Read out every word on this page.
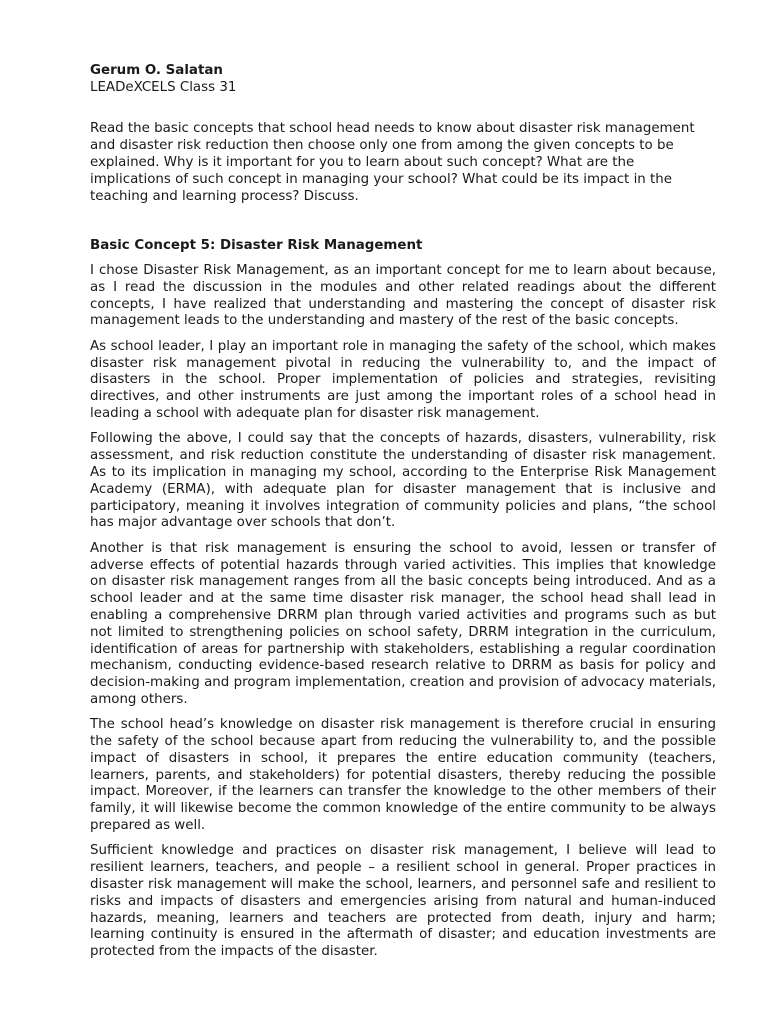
Gerum O. Salatan

LEADeXCELS Class 31

Read the basic concepts that school head needs to know about disaster risk management and disaster risk reduction then choose only one from among the given concepts to be explained. Why is it important for you to learn about such concept? What are the implications of such concept in managing your school? What could be its impact in the teaching and learning process? Discuss.

Basic Concept 5: Disaster Risk Management

I chose Disaster Risk Management, as an important concept for me to learn about because, as I read the discussion in the modules and other related readings about the different concepts, I have realized that understanding and mastering the concept of disaster risk management leads to the understanding and mastery of the rest of the basic concepts.

As school leader, I play an important role in managing the safety of the school, which makes disaster risk management pivotal in reducing the vulnerability to, and the impact of disasters in the school. Proper implementation of policies and strategies, revisiting directives, and other instruments are just among the important roles of a school head in leading a school with adequate plan for disaster risk management.

Following the above, I could say that the concepts of hazards, disasters, vulnerability, risk assessment, and risk reduction constitute the understanding of disaster risk management. As to its implication in managing my school, according to the Enterprise Risk Management Academy (ERMA), with adequate plan for disaster management that is inclusive and participatory, meaning it involves integration of community policies and plans, “the school has major advantage over schools that don’t.

Another is that risk management is ensuring the school to avoid, lessen or transfer of adverse effects of potential hazards through varied activities. This implies that knowledge on disaster risk management ranges from all the basic concepts being introduced. And as a school leader and at the same time disaster risk manager, the school head shall lead in enabling a comprehensive DRRM plan through varied activities and programs such as but not limited to strengthening policies on school safety, DRRM integration in the curriculum, identification of areas for partnership with stakeholders, establishing a regular coordination mechanism, conducting evidence-based research relative to DRRM as basis for policy and decision-making and program implementation, creation and provision of advocacy materials, among others.

The school head’s knowledge on disaster risk management is therefore crucial in ensuring the safety of the school because apart from reducing the vulnerability to, and the possible impact of disasters in school, it prepares the entire education community (teachers, learners, parents, and stakeholders) for potential disasters, thereby reducing the possible impact. Moreover, if the learners can transfer the knowledge to the other members of their family, it will likewise become the common knowledge of the entire community to be always prepared as well.

Sufficient knowledge and practices on disaster risk management, I believe will lead to resilient learners, teachers, and people – a resilient school in general. Proper practices in disaster risk management will make the school, learners, and personnel safe and resilient to risks and impacts of disasters and emergencies arising from natural and human-induced hazards, meaning, learners and teachers are protected from death, injury and harm; learning continuity is ensured in the aftermath of disaster; and education investments are protected from the impacts of the disaster.
